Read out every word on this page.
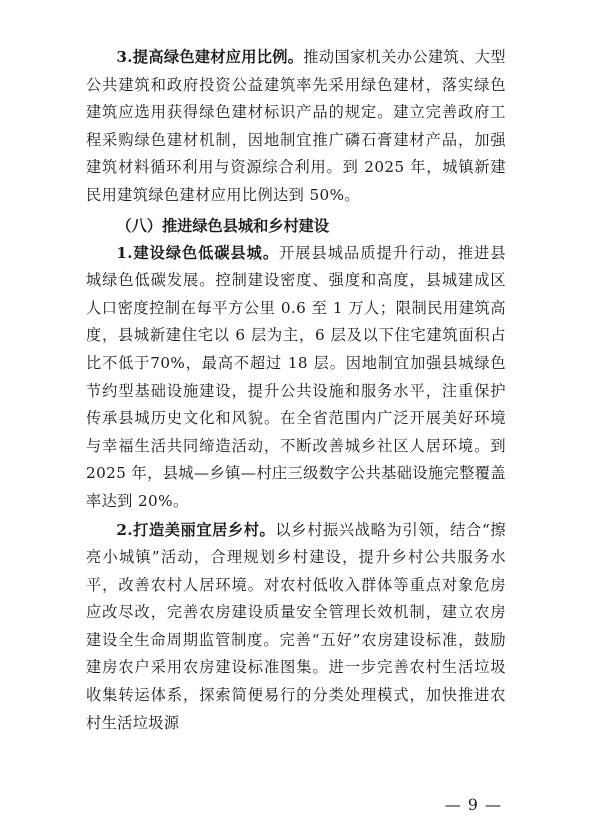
3.提高绿色建材应用比例。推动国家机关办公建筑、大型公共建筑和政府投资公益建筑率先采用绿色建材，落实绿色建筑应选用获得绿色建材标识产品的规定。建立完善政府工程采购绿色建材机制，因地制宜推广磷石膏建材产品，加强建筑材料循环利用与资源综合利用。到 2025 年，城镇新建民用建筑绿色建材应用比例达到 50%。

（八）推进绿色县城和乡村建设

1.建设绿色低碳县城。开展县城品质提升行动，推进县城绿色低碳发展。控制建设密度、强度和高度，县城建成区人口密度控制在每平方公里 0.6 至 1 万人；限制民用建筑高度，县城新建住宅以 6 层为主，6 层及以下住宅建筑面积占比不低于70%，最高不超过 18 层。因地制宜加强县城绿色节约型基础设施建设，提升公共设施和服务水平，注重保护传承县城历史文化和风貌。在全省范围内广泛开展美好环境与幸福生活共同缔造活动，不断改善城乡社区人居环境。到 2025 年，县城—乡镇—村庄三级数字公共基础设施完整覆盖率达到 20%。

2.打造美丽宜居乡村。以乡村振兴战略为引领，结合“擦亮小城镇”活动，合理规划乡村建设，提升乡村公共服务水平，改善农村人居环境。对农村低收入群体等重点对象危房应改尽改，完善农房建设质量安全管理长效机制，建立农房建设全生命周期监管制度。完善“五好”农房建设标准，鼓励建房农户采用农房建设标准图集。进一步完善农村生活垃圾收集转运体系，探索简便易行的分类处理模式，加快推进农村生活垃圾源

— 9 —
